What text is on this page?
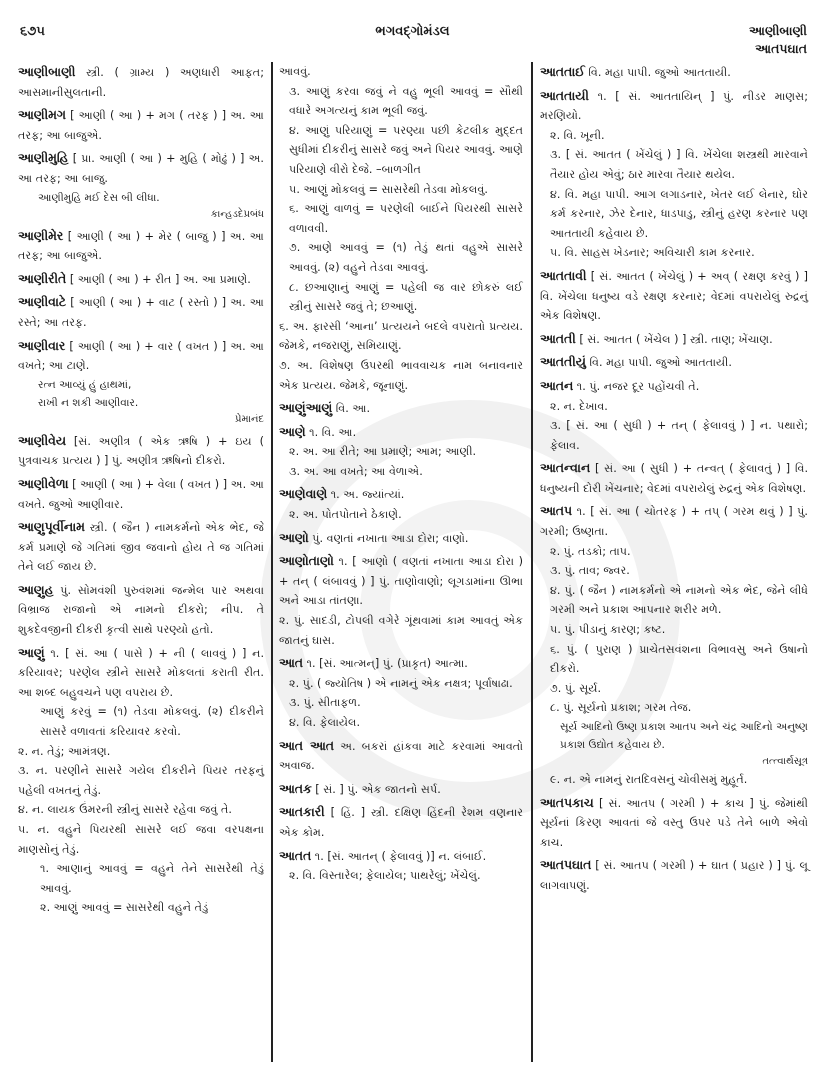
૬૭૫	ભગવદ્ગોમંડલ	આણીબાણી
આતપઘાત
આણીબાણી સ્ત્રી. ( ગ્રામ્ય ) અણધારી આફત; આસમાનીસુલતાની.
આણીમગ [ આણી ( આ ) + મગ ( તરફ ) ] અ. આ તરફ; આ બાજુએ.
આણીમુહિ [ પ્રા. આણી ( આ ) + મુહિ ( મોઢું ) ] અ. આ તરફ; આ બાજુ.
આણીમુહિ મઈ દેસ બી લીધા.
કાન્હડદેપ્રબંધ
આણીમેર [ આણી ( આ ) + મેર ( બાજુ ) ] અ. આ તરફ; આ બાજુએ.
આણીરીતે [ આણી ( આ ) + રીત ] અ. આ પ્રમાણે.
આણીવાટે [ આણી ( આ ) + વાટ ( રસ્તો ) ] અ. આ રસ્તે; આ તરફ.
આણીવાર [ આણી ( આ ) + વાર ( વખત ) ] અ. આ વખતે; આ ટાણે.
રત્ન આવ્યું હું હાથમાં,
રાખી ન શકી આણીવાર.
પ્રેમાનંદ
આણીવેય [સં. અણીત્ર ( એક ઋષિ ) + ઇય ( પુત્રવાચક પ્રત્યય ) ] પું. અણીત્ર ઋષિનો દીકરો.
આણીવેળા [ આણી ( આ ) + વેલા ( વખત ) ] અ. આ વખતે. જુઓ આણીવાર.
આણુપૂર્વીનામ સ્ત્રી. ( જૈન ) નામકર્મનો એક ભેદ, જે કર્મ પ્રમાણે જે ગતિમાં જીવ જવાનો હોય તે જ ગતિમાં તેને લઈ જાય છે.
આણુહ પું. સોમવંશી પુરુવંશમાં જન્મેલ પાર અથવા વિભ્રાજ રાજાનો એ નામનો દીકરો; નીપ. તે શુકદેવજીની દીકરી કૃત્વી સાથે પરણ્યો હતો.
આણું ૧. [ સં. આ ( પાસે ) + ની ( લાવવું ) ] ન. કરિયાવર; પરણેલ સ્ત્રીને સાસરે મોકલતાં કરાતી રીત. આ શબ્દ બહુવચને પણ વપરાય છે.
આણું કરવું = (૧) તેડવા મોકલવું. (૨) દીકરીને સાસરે વળાવતાં કરિયાવર કરવો.
૨. ન. તેડું; આમંત્રણ.
૩. ન. પરણીને સાસરે ગયેલ દીકરીને પિયર તરફનું પહેલી વખતનું તેડું.
૪. ન. લાયક ઉંમરની સ્ત્રીનું સાસરે રહેવા જવું તે.
૫. ન. વહુને પિયરથી સાસરે લઈ જવા વરપક્ષના માણસોનું તેડું.
૧. આણાનું આવવું = વહુને તેને સાસરેથી તેડું આવવું.
૨. આણું આવવું = સાસરેથી વહુને તેડું
આવવું.
૩. આણું કરવા જવું ને વહુ ભૂલી આવવું = સૌથી વધારે અગત્યનું કામ ભૂલી જવું.
૪. આણું પરિયાણું = પરણ્યા પછી કેટલીક મુદ્દત સુધીમાં દીકરીનું સાસરે જવું અને પિયર આવવું. આણે પરિયાણે વીરો દેજે. –બાળગીત
૫. આણું મોકલવું = સાસરેથી તેડવા મોકલવું.
૬. આણું વાળવું = પરણેલી બાઈને પિયરથી સાસરે વળાવવી.
૭. આણે આવવું = (૧) તેડું થતાં વહુએ સાસરે આવવું. (૨) વહુને તેડવા આવવું.
૮. છઆણાનું આણું = પહેલી જ વાર છોકરું લઈ સ્ત્રીનું સાસરે જવું તે; છઆણું.
૬. અ. ફારસી ‘આના’ પ્રત્યયને બદલે વપરાતો પ્રત્યય. જેમકે, નજરાણું, સમિયાણું.
૭. અ. વિશેષણ ઉપરથી ભાવવાચક નામ બનાવનાર એક પ્રત્યય. જેમકે, જૂનાણું.
આણુંઆણું વિ. આ.
આણે ૧. વિ. આ.
૨. અ. આ રીતે; આ પ્રમાણે; આમ; આણી.
૩. અ. આ વખતે; આ વેળાએ.
આણેવાણે ૧. અ. જ્યાંત્યાં.
૨. અ. પોતપોતાને ઠેકાણે.
આણો પું. વણતાં નખાતા આડા દોરા; વાણો.
આણોતાણો ૧. [ આણો ( વણતાં નખાતા આડા દોરા ) + તન્ ( લંબાવવું ) ] પું. તાણોવાણો; લૂગડામાંના ઊભા અને આડા તાંતણા.
૨. પું. સાદડી, ટોપલી વગેરે ગૂંથવામાં કામ આવતું એક જાતનું ઘાસ.
આત ૧. [સં. આત્મન્] પું. (પ્રાકૃત) આત્મા.
૨. પું. ( જ્યોતિષ ) એ નામનું એક નક્ષત્ર; પૂર્વાષાઢા.
૩. પું. સીતાફળ.
૪. વિ. ફેલાયેલ.
આત આત અ. બકરાં હાંકવા માટે કરવામાં આવતો અવાજ.
આતક [ સં. ] પું. એક જાતનો સર્પ.
આતકારી [ હિં. ] સ્ત્રી. દક્ષિણ હિંદની રેશમ વણનાર એક કોમ.
આતત ૧. [સં. આતન્ ( ફેલાવવું )] ન. લંબાઈ.
૨. વિ. વિસ્તારેલ; ફેલાયેલ; પાથરેલું; ખેંચેલું.
આતતાઈ વિ. મહા પાપી. જુઓ આતતાયી.
આતતાયી ૧. [ સં. આતતાયિન્ ] પું. નીડર માણસ; મરણિયો.
૨. વિ. ખૂની.
૩. [ સં. આતત ( ખેંચેલું ) ] વિ. ખેંચેલા શસ્ત્રથી મારવાને તૈયાર હોય એવું; ઠાર મારવા તૈયાર થયેલ.
૪. વિ. મહા પાપી. આગ લગાડનાર, ખેતર લઈ લેનાર, ઘોર કર્મ કરનાર, ઝેર દેનાર, ધાડપાડુ, સ્ત્રીનું હરણ કરનાર પણ આતતાયી કહેવાય છે.
૫. વિ. સાહસ ખેડનાર; અવિચારી કામ કરનાર.
આતતાવી [ સં. આતત ( ખેંચેલું ) + અવ્ ( રક્ષણ કરવું ) ] વિ. ખેંચેલા ધનુષ્ય વડે રક્ષણ કરનાર; વેદમાં વપરાયેલું રુદ્રનું એક વિશેષણ.
આતતી [ સં. આતત ( ખેંચેલ ) ] સ્ત્રી. તાણ; ખેંચાણ.
આતતીયું વિ. મહા પાપી. જુઓ આતતાયી.
આતન ૧. પું. નજર દૂર પહોંચવી તે.
૨. ન. દેખાવ.
૩. [ સં. આ ( સુધી ) + તન્ ( ફેલાવવું ) ] ન. પથારો; ફેલાવ.
આતન્વાન [ સં. આ ( સુધી ) + તન્વત્ ( ફેલાવતું ) ] વિ. ધનુષ્યની દોરી ખેંચનાર; વેદમાં વપરાયેલું રુદ્રનું એક વિશેષણ.
આતપ ૧. [ સં. આ ( ચોતરફ ) + તપ્ ( ગરમ થવું ) ] પું. ગરમી; ઉષ્ણતા.
૨. પું. તડકો; તાપ.
૩. પું. તાવ; જ્વર.
૪. પું. ( જૈન ) નામકર્મનો એ નામનો એક ભેદ, જેને લીધે ગરમી અને પ્રકાશ આપનાર શરીર મળે.
૫. પું. પીડાનું કારણ; કષ્ટ.
૬. પું. ( પુરાણ ) પ્રાચેતસવંશના વિભાવસુ અને ઉષાનો દીકરો.
૭. પું. સૂર્ય.
૮. પું. સૂર્યનો પ્રકાશ; ગરમ તેજ.
સૂર્ય આદિનો ઉષ્ણ પ્રકાશ આતપ અને ચંદ્ર આદિનો અનુષ્ણ પ્રકાશ ઉદ્યોત કહેવાય છે.
તત્ત્વાર્થસૂત્ર
૯. ન. એ નામનું રાતદિવસનું ચોવીસમું મુહૂર્ત.
આતપકાચ [ સં. આતપ ( ગરમી ) + કાચ ] પું. જેમાંથી સૂર્યનાં કિરણ આવતાં જે વસ્તુ ઉપર પડે તેને બાળે એવો કાચ.
આતપઘાત [ સં. આતપ ( ગરમી ) + ઘાત ( પ્રહાર ) ] પું. લૂ લાગવાપણું.
